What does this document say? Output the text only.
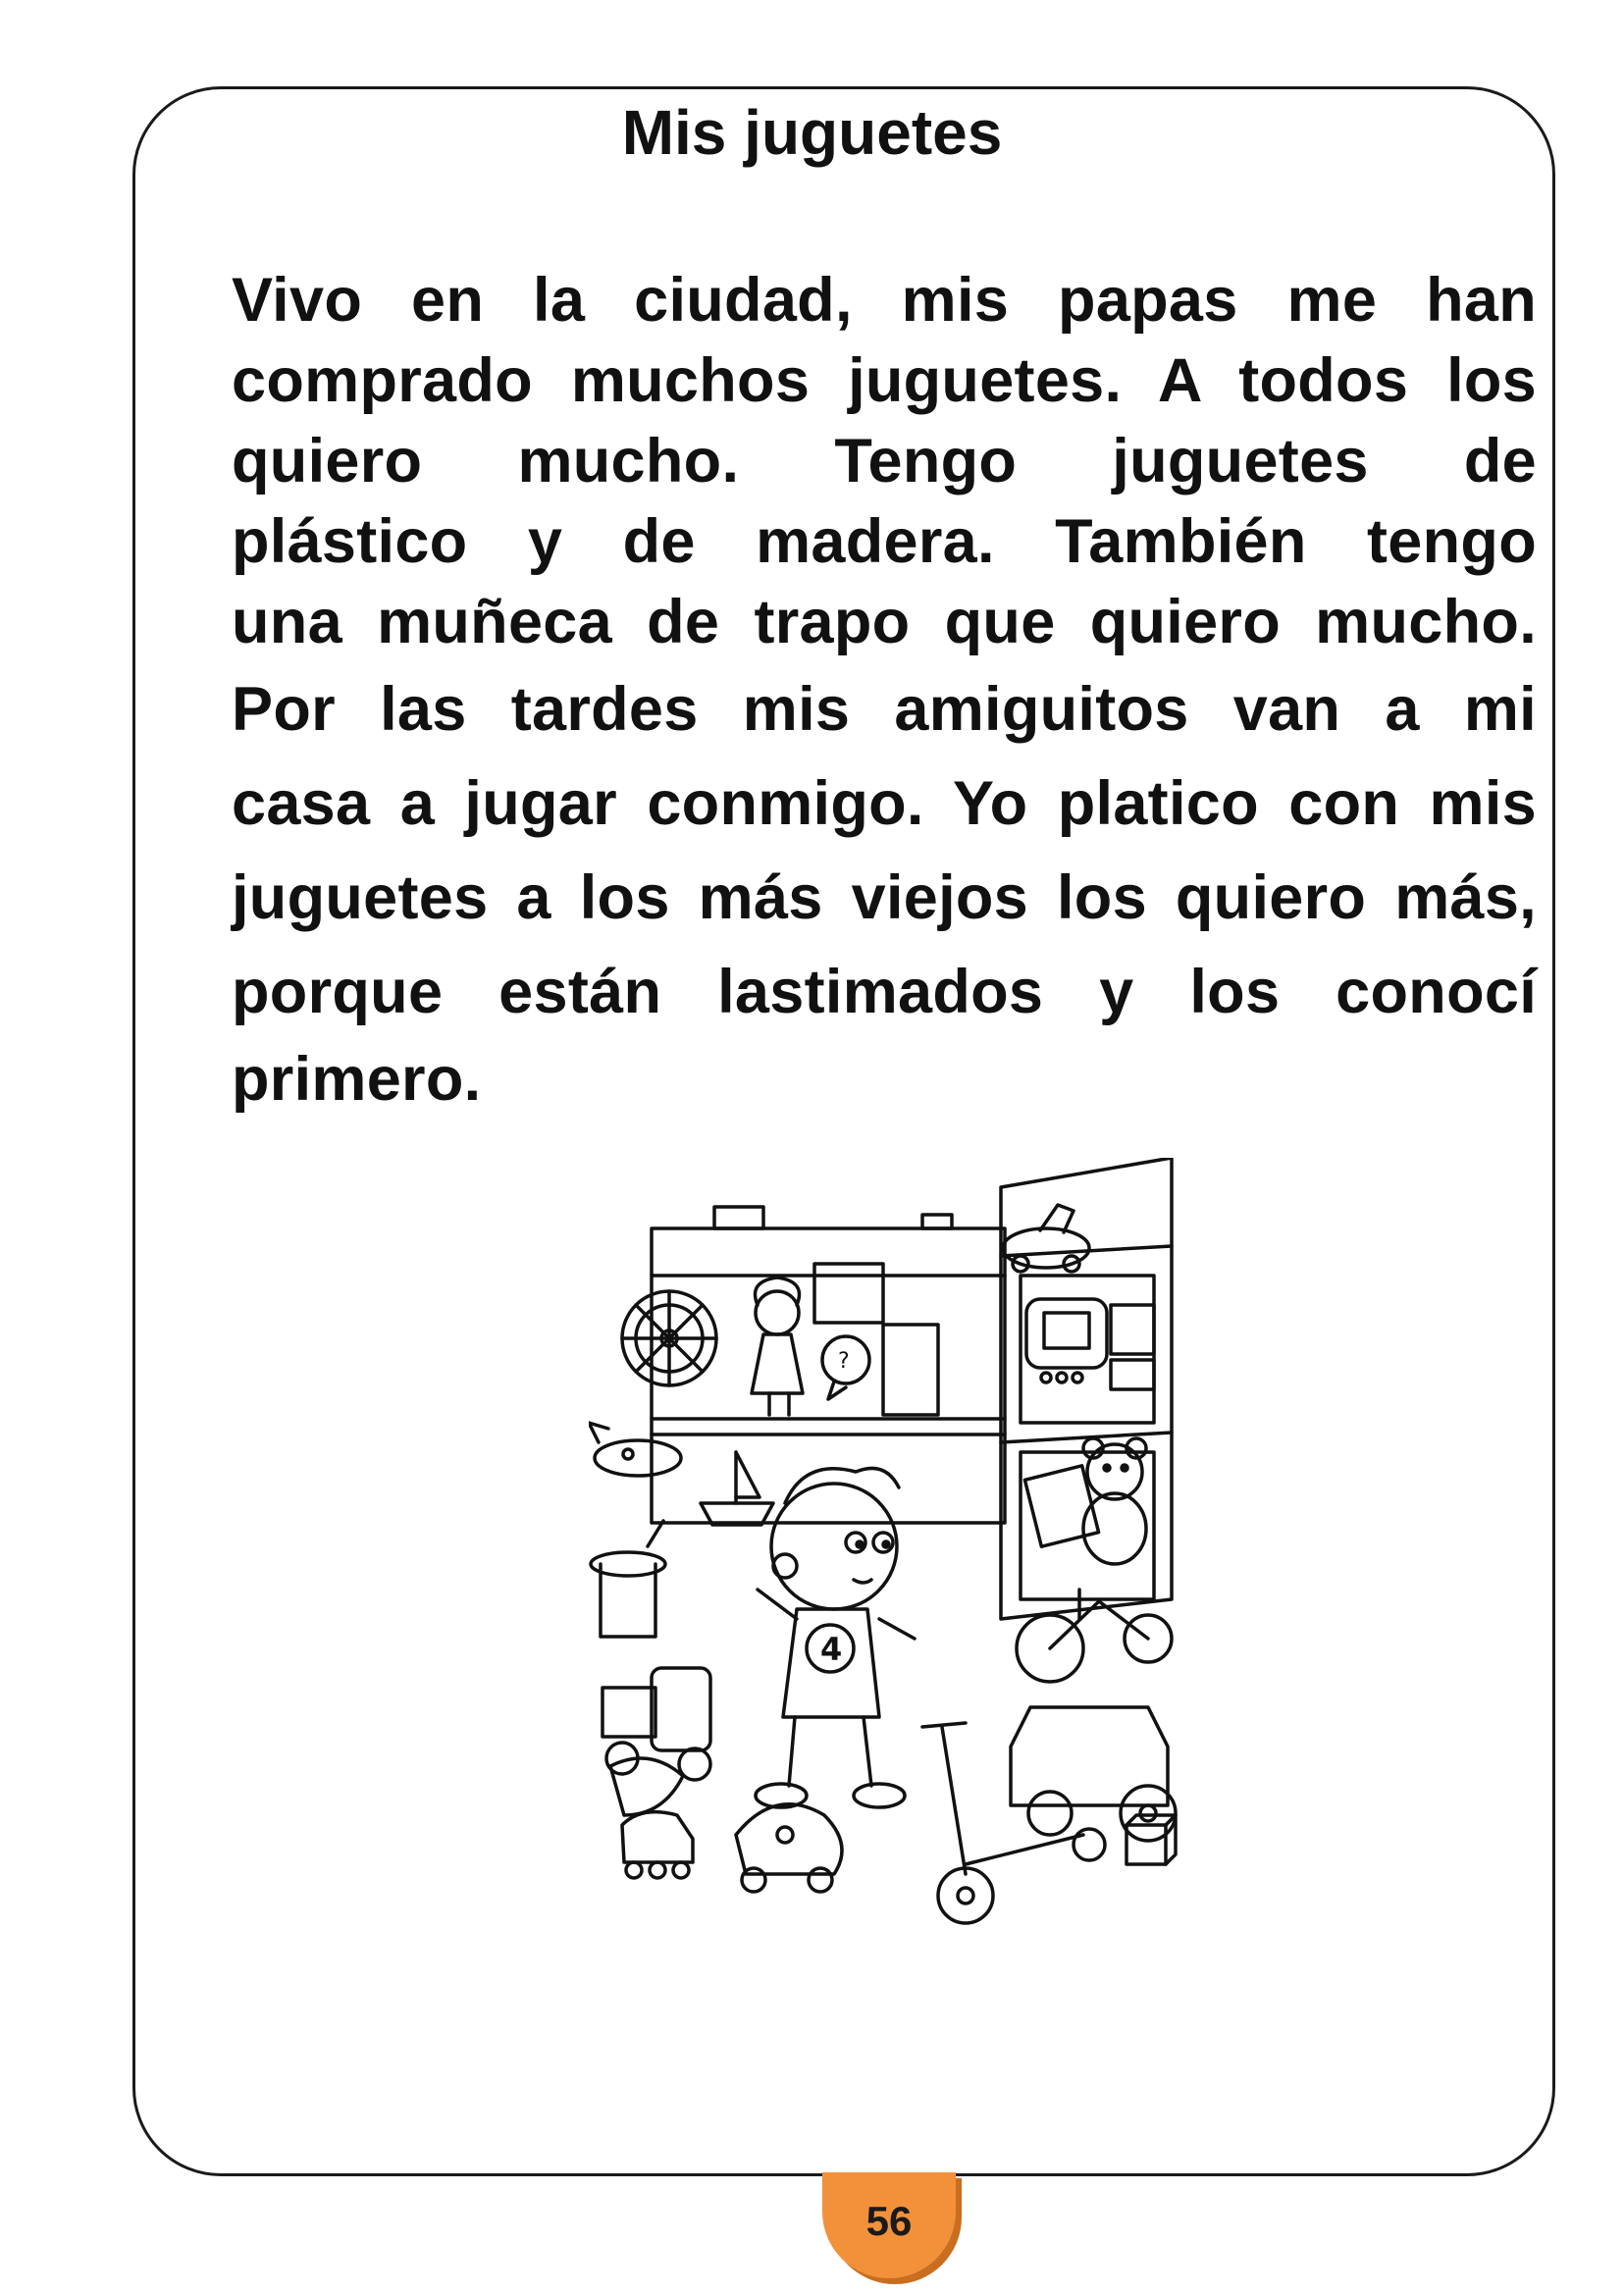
Mis juguetes
Vivo en la ciudad, mis papas me han
comprado muchos juguetes. A todos los
quiero mucho. Tengo juguetes de
plástico y de madera. También tengo
una muñeca de trapo que quiero mucho.
Por las tardes mis amiguitos van a mi
casa a jugar conmigo. Yo platico con mis
juguetes a los más viejos los quiero más,
porque están lastimados y los conocí
primero.
?
4
56
